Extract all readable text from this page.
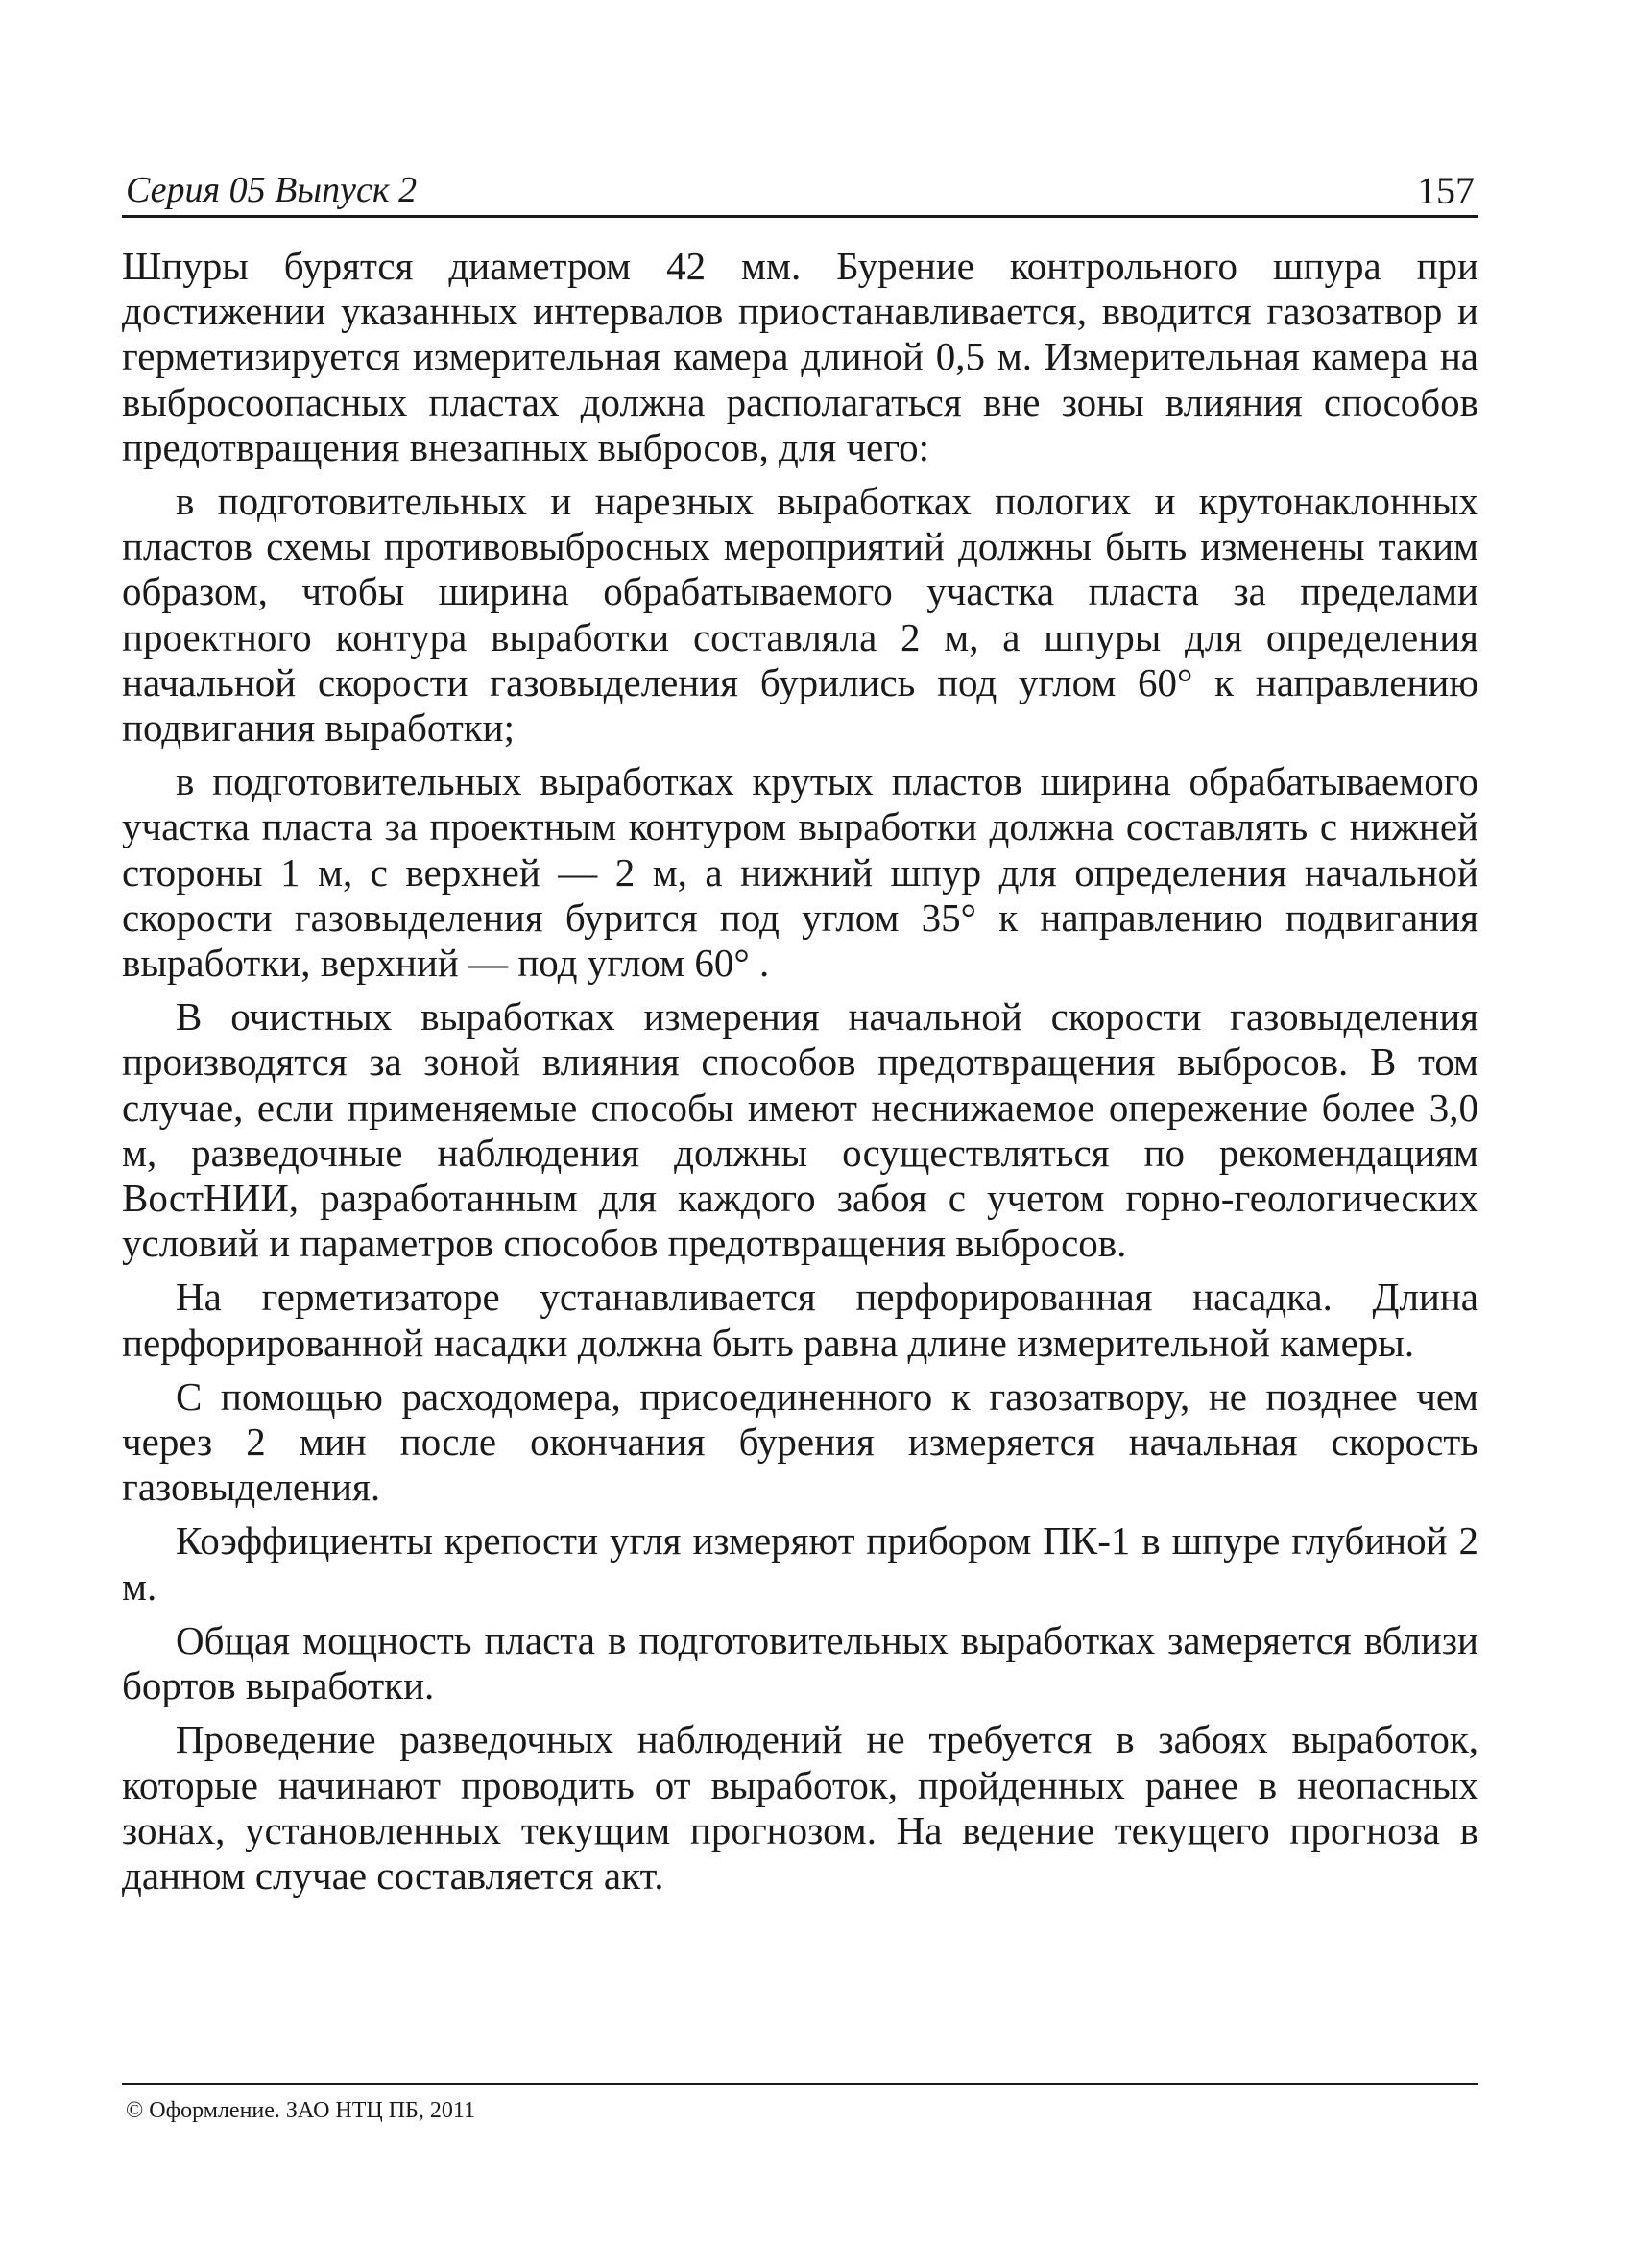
Серия 05 Выпуск 2	157

Шпуры бурятся диаметром 42 мм. Бурение контрольного шпура при достижении указанных интервалов приостанавливается, вводится газозатвор и герметизируется измерительная камера длиной 0,5 м. Измерительная камера на выбросоопасных пластах должна располагаться вне зоны влияния способов предотвращения внезапных выбросов, для чего:

в подготовительных и нарезных выработках пологих и крутонаклонных пластов схемы противовыбросных мероприятий должны быть изменены таким образом, чтобы ширина обрабатываемого участка пласта за пределами проектного контура выработки составляла 2 м, а шпуры для определения начальной скорости газовыделения бурились под углом 60° к направлению подвигания выработки;

в подготовительных выработках крутых пластов ширина обрабатываемого участка пласта за проектным контуром выработки должна составлять с нижней стороны 1 м, с верхней — 2 м, а нижний шпур для определения начальной скорости газовыделения бурится под углом 35° к направлению подвигания выработки, верхний — под углом 60° .

В очистных выработках измерения начальной скорости газовыделения производятся за зоной влияния способов предотвращения выбросов. В том случае, если применяемые способы имеют неснижаемое опережение более 3,0 м, разведочные наблюдения должны осуществляться по рекомендациям ВостНИИ, разработанным для каждого забоя с учетом горно-геологических условий и параметров способов предотвращения выбросов.

На герметизаторе устанавливается перфорированная насадка. Длина перфорированной насадки должна быть равна длине измерительной камеры.

С помощью расходомера, присоединенного к газозатвору, не позднее чем через 2 мин после окончания бурения измеряется начальная скорость газовыделения.

Коэффициенты крепости угля измеряют прибором ПК-1 в шпуре глубиной 2 м.

Общая мощность пласта в подготовительных выработках замеряется вблизи бортов выработки.

Проведение разведочных наблюдений не требуется в забоях выработок, которые начинают проводить от выработок, пройденных ранее в неопасных зонах, установленных текущим прогнозом. На ведение текущего прогноза в данном случае составляется акт.

© Оформление. ЗАО НТЦ ПБ, 2011
